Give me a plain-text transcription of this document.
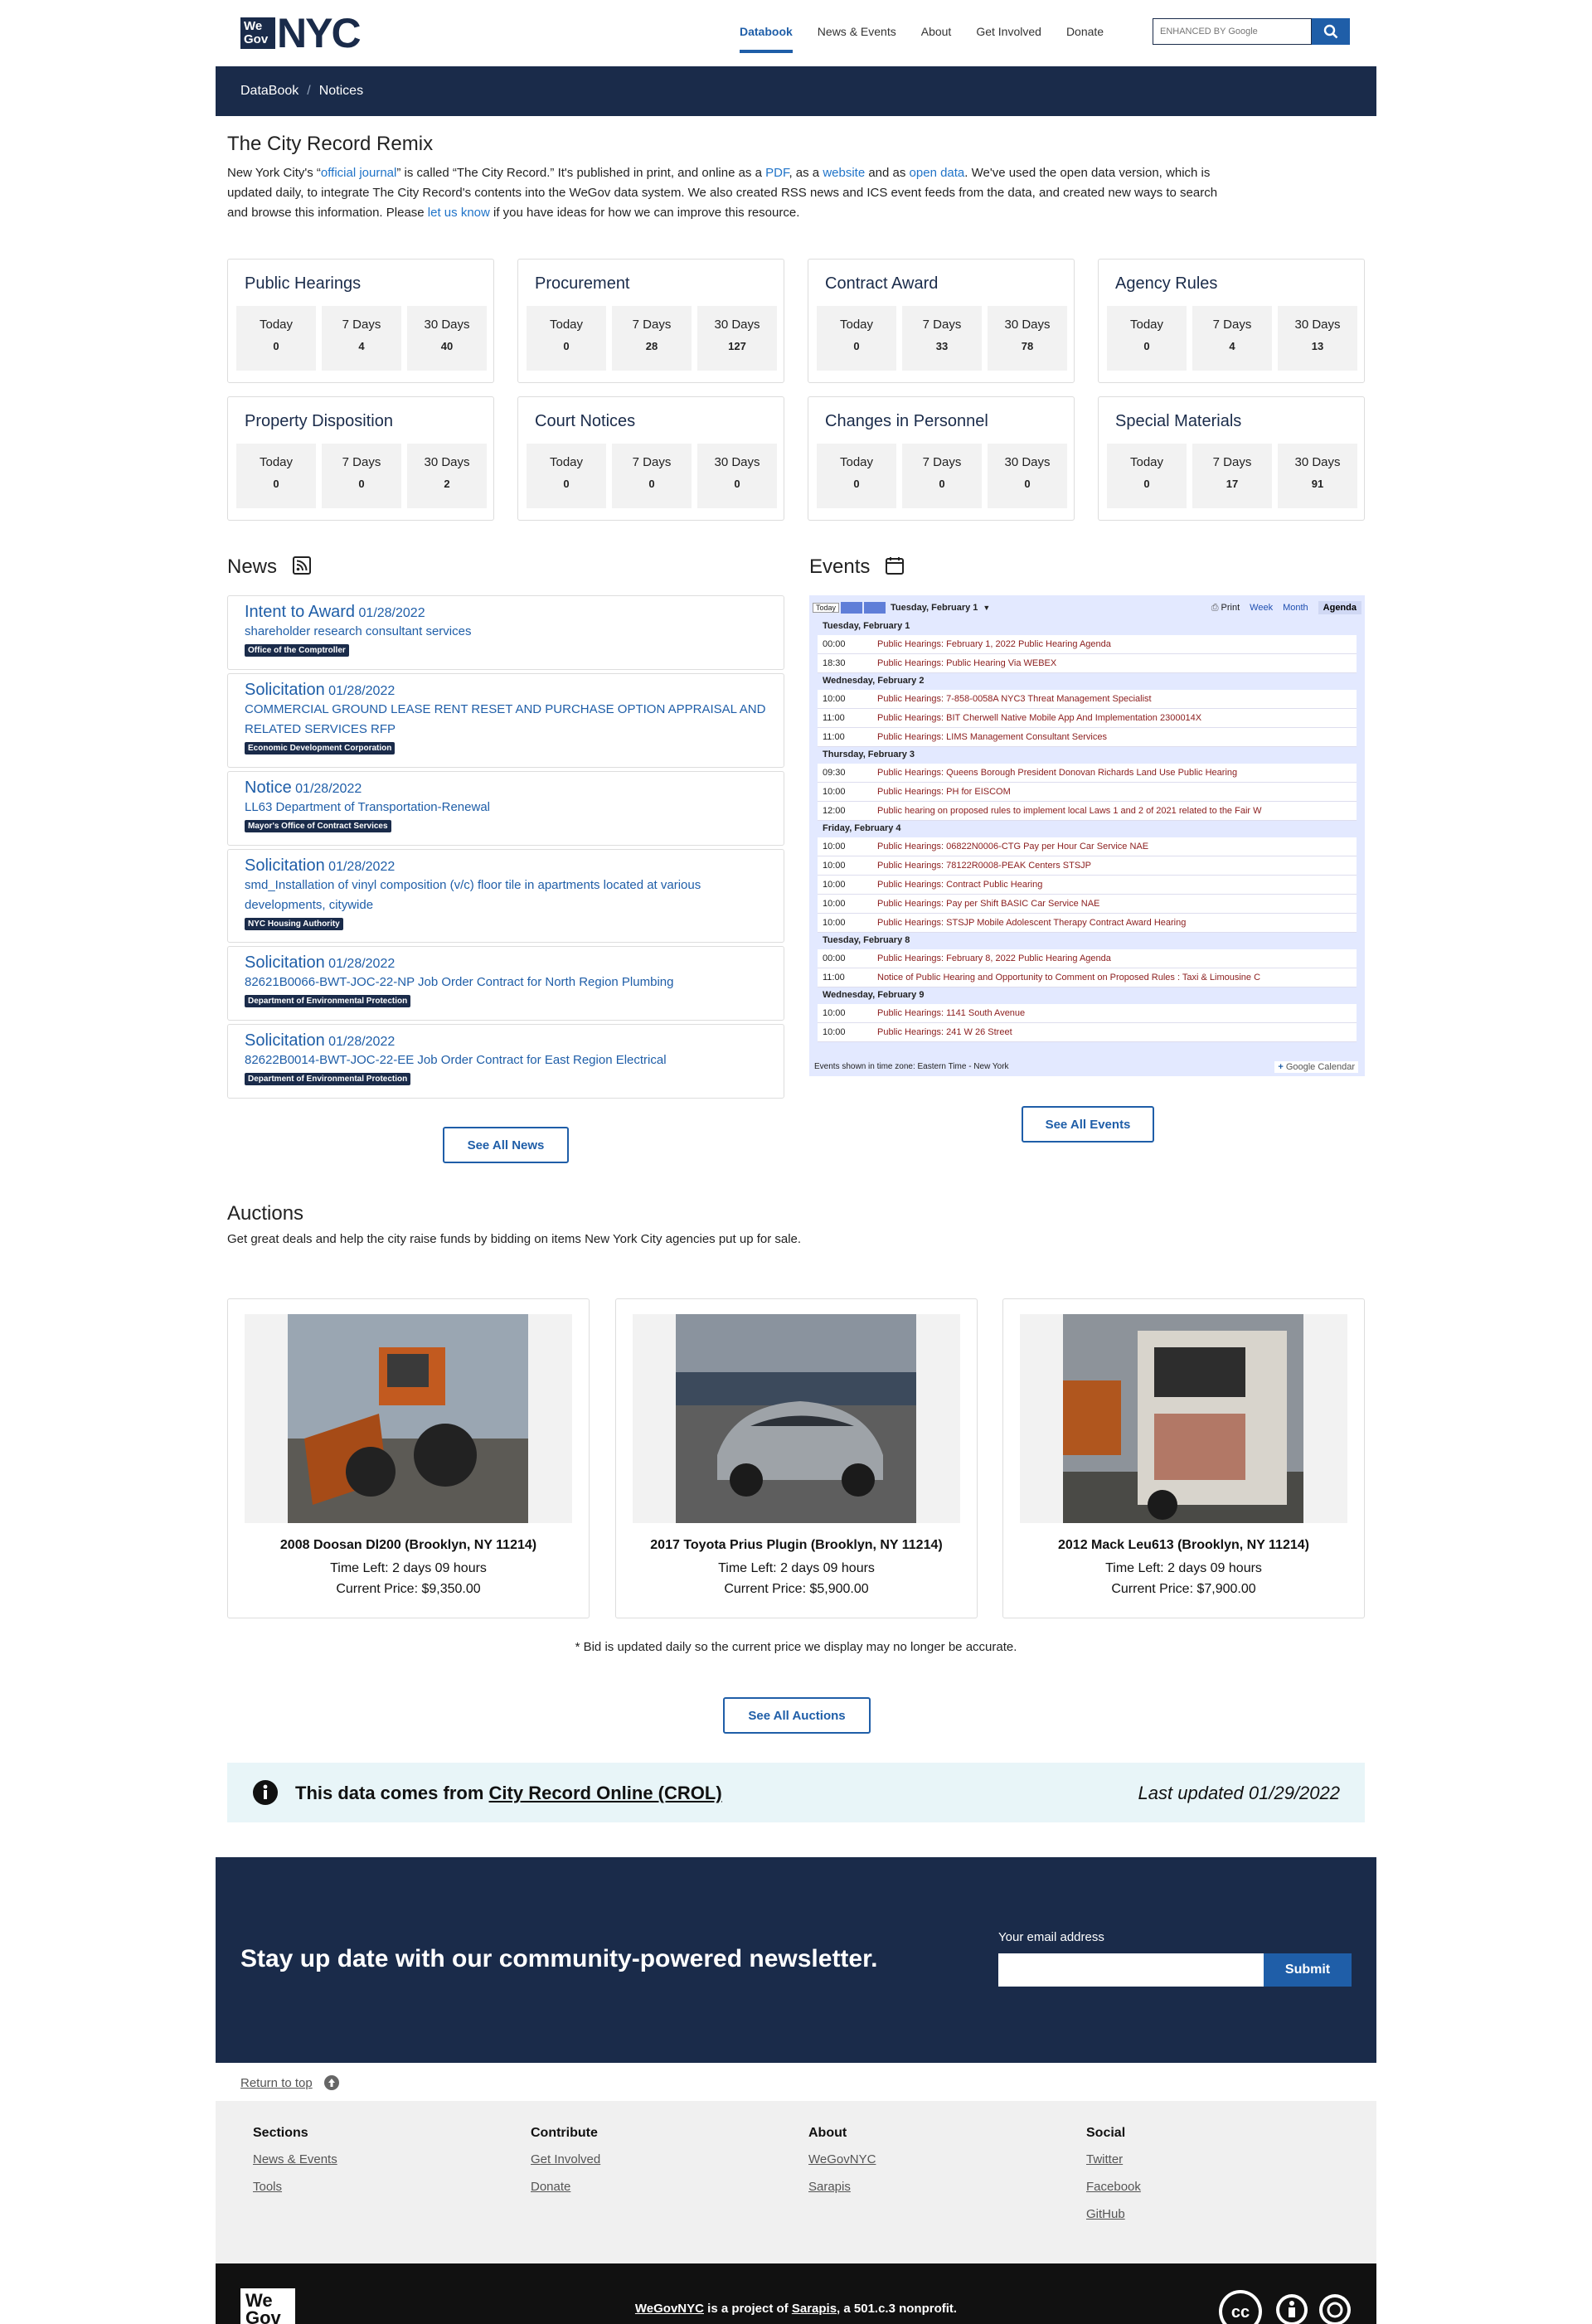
We Gov NYC	Databook News & Events About Get Involved Donate
ENHANCED BY Google
DataBook / Notices
The City Record Remix
New York City's “official journal” is called “The City Record.” It's published in print, and online as a PDF, as a website and as open data. We've used the open data version, which is updated daily, to integrate The City Record's contents into the WeGov data system. We also created RSS news and ICS event feeds from the data, and created new ways to search and browse this information. Please let us know if you have ideas for how we can improve this resource.
Public Hearings
Today
0
7 Days
4
30 Days
40
Procurement
Today
0
7 Days
28
30 Days
127
Contract Award
Today
0
7 Days
33
30 Days
78
Agency Rules
Today
0
7 Days
4
30 Days
13
Property Disposition
Today
0
7 Days
0
30 Days
2
Court Notices
Today
0
7 Days
0
30 Days
0
Changes in Personnel
Today
0
7 Days
0
30 Days
0
Special Materials
Today
0
7 Days
17
30 Days
91
News
Intent to Award 01/28/2022
shareholder research consultant services
Office of the Comptroller
Solicitation 01/28/2022
COMMERCIAL GROUND LEASE RENT RESET AND PURCHASE OPTION APPRAISAL AND RELATED SERVICES RFP
Economic Development Corporation
Notice 01/28/2022
LL63 Department of Transportation-Renewal
Mayor's Office of Contract Services
Solicitation 01/28/2022
smd_Installation of vinyl composition (v/c) floor tile in apartments located at various developments, citywide
NYC Housing Authority
Solicitation 01/28/2022
82621B0066-BWT-JOC-22-NP Job Order Contract for North Region Plumbing
Department of Environmental Protection
Solicitation 01/28/2022
82622B0014-BWT-JOC-22-EE Job Order Contract for East Region Electrical
Department of Environmental Protection
See All News
Events
Today	Tuesday, February 1 ▼	⎙ Print Week Month	Agenda
Tuesday, February 1
00:00	Public Hearings: February 1, 2022 Public Hearing Agenda
18:30	Public Hearings: Public Hearing Via WEBEX
Wednesday, February 2
10:00	Public Hearings: 7-858-0058A NYC3 Threat Management Specialist
11:00	Public Hearings: BIT Cherwell Native Mobile App And Implementation 2300014X
11:00	Public Hearings: LIMS Management Consultant Services
Thursday, February 3
09:30	Public Hearings: Queens Borough President Donovan Richards Land Use Public Hearing
10:00	Public Hearings: PH for EISCOM
12:00	Public hearing on proposed rules to implement local Laws 1 and 2 of 2021 related to the Fair W
Friday, February 4
10:00	Public Hearings: 06822N0006-CTG Pay per Hour Car Service NAE
10:00	Public Hearings: 78122R0008-PEAK Centers STSJP
10:00	Public Hearings: Contract Public Hearing
10:00	Public Hearings: Pay per Shift BASIC Car Service NAE
10:00	Public Hearings: STSJP Mobile Adolescent Therapy Contract Award Hearing
Tuesday, February 8
00:00	Public Hearings: February 8, 2022 Public Hearing Agenda
11:00	Notice of Public Hearing and Opportunity to Comment on Proposed Rules : Taxi & Limousine C
Wednesday, February 9
10:00	Public Hearings: 1141 South Avenue
10:00	Public Hearings: 241 W 26 Street
Events shown in time zone: Eastern Time - New York	+ Google Calendar
See All Events
Auctions
Get great deals and help the city raise funds by bidding on items New York City agencies put up for sale.
2008 Doosan Dl200 (Brooklyn, NY 11214)
Time Left: 2 days 09 hours
Current Price: $9,350.00
2017 Toyota Prius Plugin (Brooklyn, NY 11214)
Time Left: 2 days 09 hours
Current Price: $5,900.00
2012 Mack Leu613 (Brooklyn, NY 11214)
Time Left: 2 days 09 hours
Current Price: $7,900.00
* Bid is updated daily so the current price we display may no longer be accurate.
See All Auctions
This data comes from City Record Online (CROL)	Last updated 01/29/2022
Stay up date with our community-powered newsletter.
Your email address
Submit
Return to top
Sections
News & Events
Tools
Contribute
Get Involved
Donate
About
WeGovNYC
Sarapis
Social
Twitter
Facebook
GitHub
We Gov	WeGovNYC is a project of Sarapis, a 501.c.3 nonprofit.	cc
